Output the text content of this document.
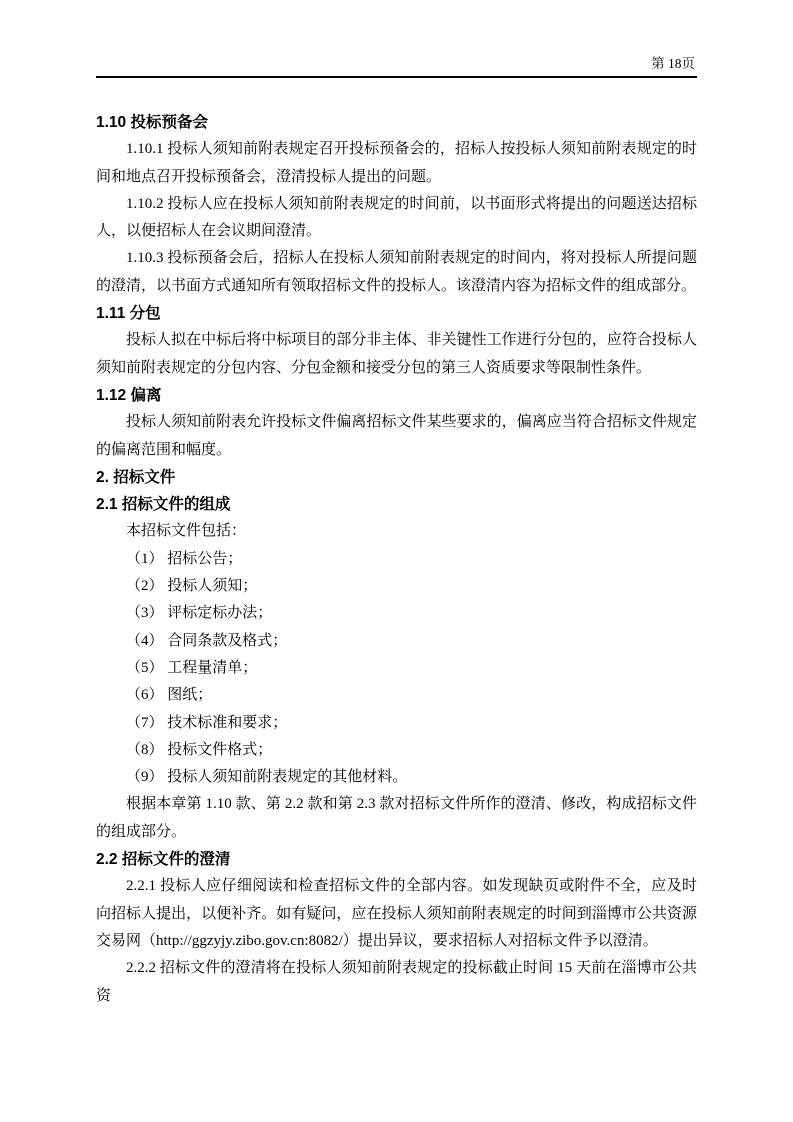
第 18页
1.10 投标预备会
1.10.1 投标人须知前附表规定召开投标预备会的，招标人按投标人须知前附表规定的时间和地点召开投标预备会，澄清投标人提出的问题。
1.10.2 投标人应在投标人须知前附表规定的时间前，以书面形式将提出的问题送达招标人，以便招标人在会议期间澄清。
1.10.3 投标预备会后，招标人在投标人须知前附表规定的时间内，将对投标人所提问题的澄清，以书面方式通知所有领取招标文件的投标人。该澄清内容为招标文件的组成部分。
1.11 分包
投标人拟在中标后将中标项目的部分非主体、非关键性工作进行分包的，应符合投标人须知前附表规定的分包内容、分包金额和接受分包的第三人资质要求等限制性条件。
1.12 偏离
投标人须知前附表允许投标文件偏离招标文件某些要求的，偏离应当符合招标文件规定的偏离范围和幅度。
2. 招标文件
2.1 招标文件的组成
本招标文件包括：
（1） 招标公告；
（2） 投标人须知；
（3） 评标定标办法；
（4） 合同条款及格式；
（5） 工程量清单；
（6） 图纸；
（7） 技术标准和要求；
（8） 投标文件格式；
（9） 投标人须知前附表规定的其他材料。
根据本章第 1.10 款、第 2.2 款和第 2.3 款对招标文件所作的澄清、修改，构成招标文件的组成部分。
2.2 招标文件的澄清
2.2.1 投标人应仔细阅读和检查招标文件的全部内容。如发现缺页或附件不全，应及时向招标人提出，以便补齐。如有疑问，应在投标人须知前附表规定的时间到淄博市公共资源交易网（http://ggzyjy.zibo.gov.cn:8082/）提出异议，要求招标人对招标文件予以澄清。
2.2.2 招标文件的澄清将在投标人须知前附表规定的投标截止时间 15 天前在淄博市公共资
